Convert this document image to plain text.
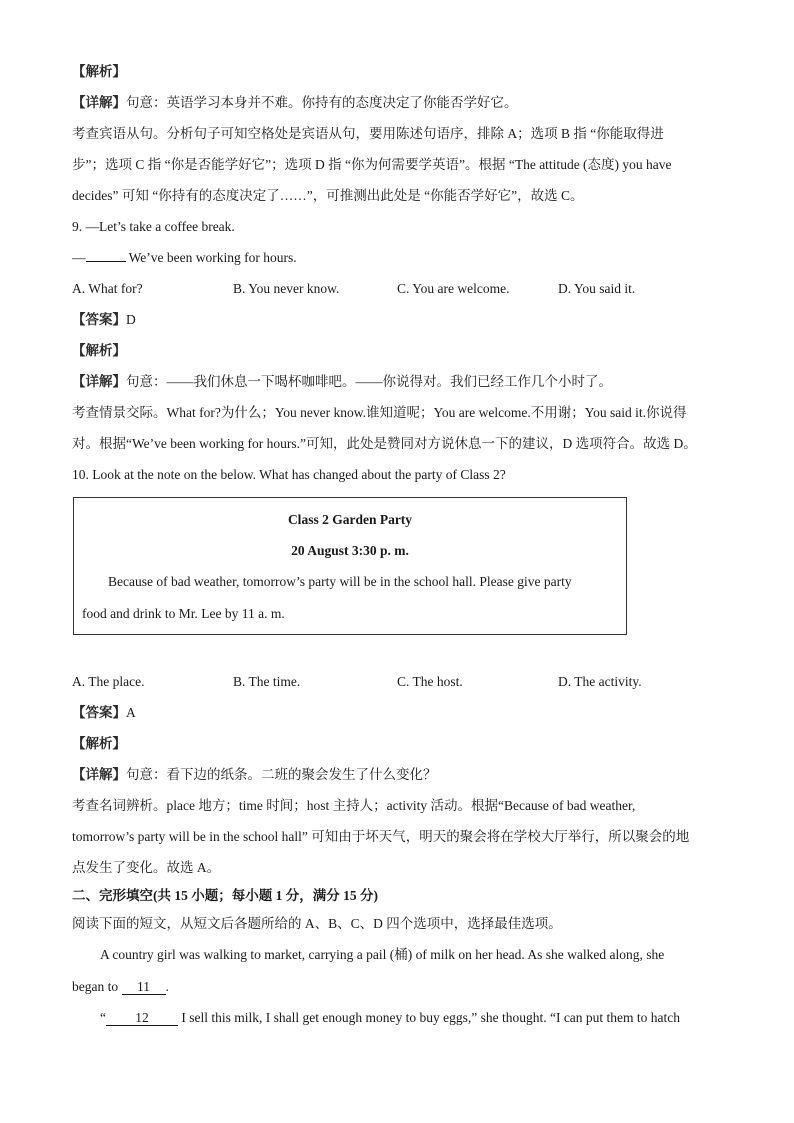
【解析】
【详解】句意：英语学习本身并不难。你持有的态度决定了你能否学好它。
考查宾语从句。分析句子可知空格处是宾语从句，要用陈述句语序，排除 A；选项 B 指 “你能取得进
步”；选项 C 指 “你是否能学好它”；选项 D 指 “你为何需要学英语”。根据 “The attitude (态度) you have
decides” 可知 “你持有的态度决定了……”，可推测出此处是 “你能否学好它”，故选 C。
9. —Let’s take a coffee break.
—	We’ve been working for hours.
A. What for?	B. You never know.	C. You are welcome.	D. You said it.
【答案】D
【解析】
【详解】句意：——我们休息一下喝杯咖啡吧。——你说得对。我们已经工作几个小时了。
考查情景交际。What for?为什么；You never know.谁知道呢；You are welcome.不用谢；You said it.你说得
对。根据“We’ve been working for hours.”可知，此处是赞同对方说休息一下的建议，D 选项符合。故选 D。
10. Look at the note on the below. What has changed about the party of Class 2?
Class 2 Garden Party
20 August 3:30 p. m.
Because of bad weather, tomorrow’s party will be in the school hall. Please give party
food and drink to Mr. Lee by 11 a. m.
A. The place.	B. The time.	C. The host.	D. The activity.
【答案】A
【解析】
【详解】句意：看下边的纸条。二班的聚会发生了什么变化？
考查名词辨析。place 地方；time 时间；host 主持人；activity 活动。根据“Because of bad weather,
tomorrow’s party will be in the school hall” 可知由于坏天气，明天的聚会将在学校大厅举行，所以聚会的地
点发生了变化。故选 A。
二、完形填空(共 15 小题；每小题 1 分，满分 15 分)
阅读下面的短文，从短文后各题所给的 A、B、C、D 四个选项中，选择最佳选项。
A country girl was walking to market, carrying a pail (桶) of milk on her head. As she walked along, she
began to 11 .
“ 12 I sell this milk, I shall get enough money to buy eggs,” she thought. “I can put them to hatch
